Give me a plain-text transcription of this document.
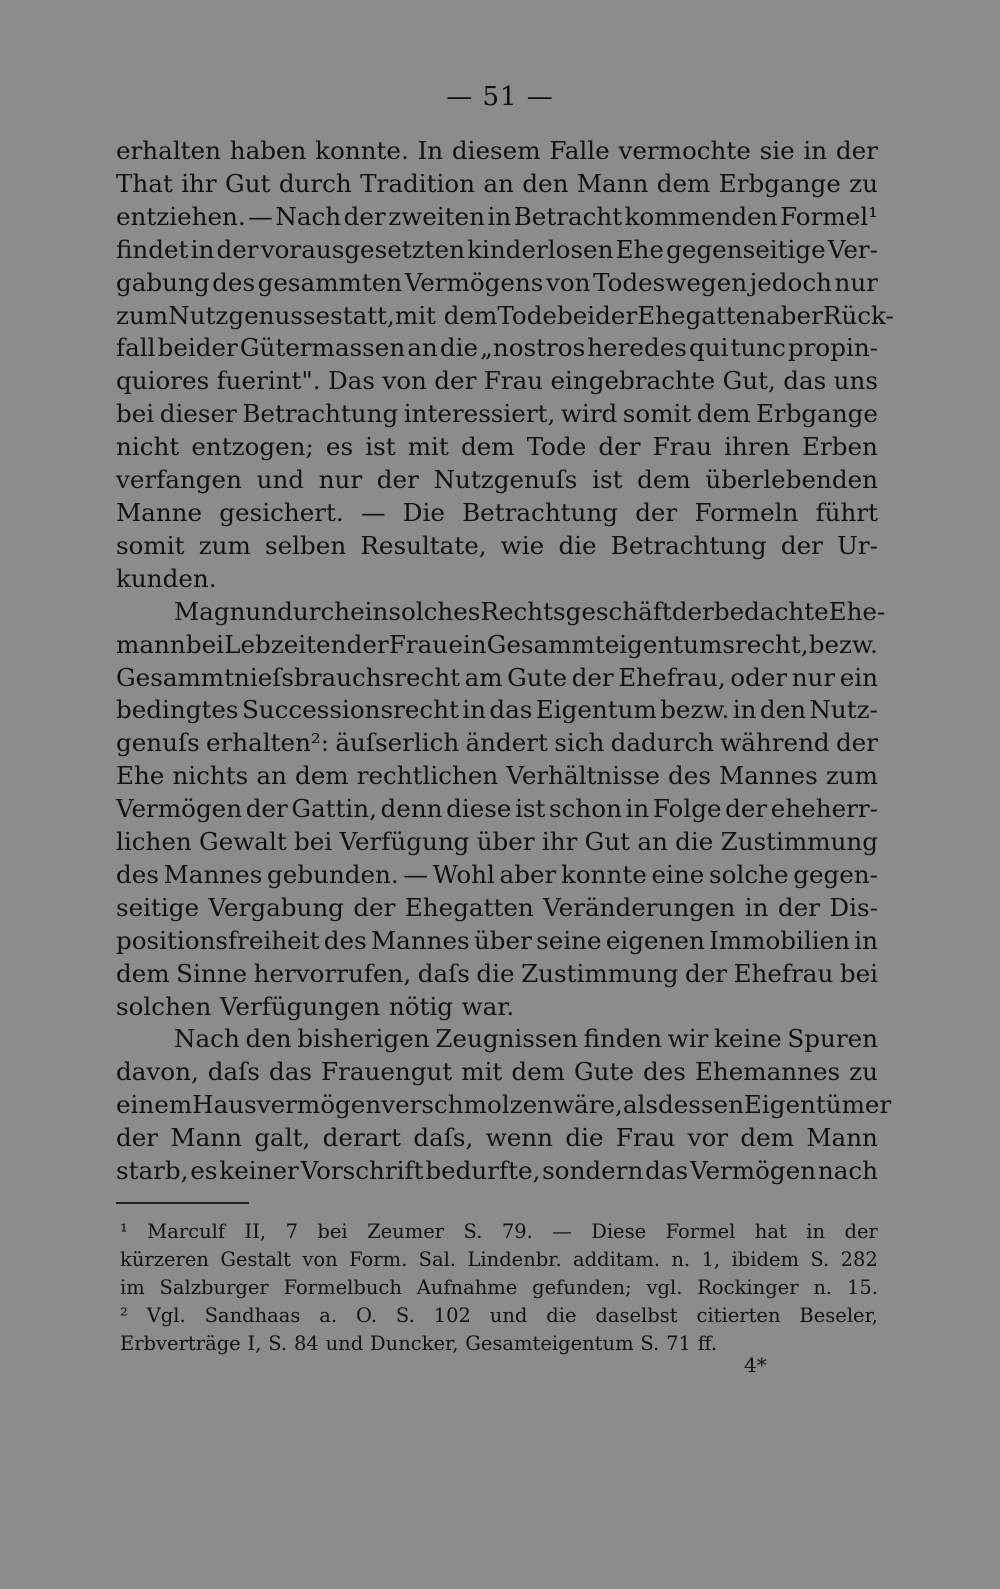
— 51 —
erhalten haben konnte. In diesem Falle vermochte sie in der
That ihr Gut durch Tradition an den Mann dem Erbgange zu
entziehen. — Nach der zweiten in Betracht kommenden Formel¹
findet in der vorausgesetzten kinderlosen Ehe gegenseitige Ver-
gabung des gesammten Vermögens von Todeswegen jedoch nur
zum Nutzgenusse statt, mit dem Tode beider Ehegatten aber Rück-
fall beider Gütermassen an die „nostros heredes qui tunc propin-
quiores fuerint". Das von der Frau eingebrachte Gut, das uns
bei dieser Betrachtung interessiert, wird somit dem Erbgange
nicht entzogen; es ist mit dem Tode der Frau ihren Erben
verfangen und nur der Nutzgenuſs ist dem überlebenden
Manne gesichert. — Die Betrachtung der Formeln führt
somit zum selben Resultate, wie die Betrachtung der Ur-
kunden.
Mag nun durch ein solches Rechtsgeschäft der bedachte Ehe-
mann bei Lebzeiten der Frau ein Gesammteigentumsrecht, bezw.
Gesammtnieſsbrauchsrecht am Gute der Ehefrau, oder nur ein
bedingtes Successionsrecht in das Eigentum bezw. in den Nutz-
genuſs erhalten²: äuſserlich ändert sich dadurch während der
Ehe nichts an dem rechtlichen Verhältnisse des Mannes zum
Vermögen der Gattin, denn diese ist schon in Folge der eheherr-
lichen Gewalt bei Verfügung über ihr Gut an die Zustimmung
des Mannes gebunden. — Wohl aber konnte eine solche gegen-
seitige Vergabung der Ehegatten Veränderungen in der Dis-
positionsfreiheit des Mannes über seine eigenen Immobilien in
dem Sinne hervorrufen, daſs die Zustimmung der Ehefrau bei
solchen Verfügungen nötig war.
Nach den bisherigen Zeugnissen finden wir keine Spuren
davon, daſs das Frauengut mit dem Gute des Ehemannes zu
einem Hausvermögen verschmolzen wäre, als dessen Eigentümer
der Mann galt, derart daſs, wenn die Frau vor dem Mann
starb, es keiner Vorschrift bedurfte, sondern das Vermögen nach
¹ Marculf II, 7 bei Zeumer S. 79. — Diese Formel hat in der
kürzeren Gestalt von Form. Sal. Lindenbr. additam. n. 1, ibidem S. 282
im Salzburger Formelbuch Aufnahme gefunden; vgl. Rockinger n. 15.
² Vgl. Sandhaas a. O. S. 102 und die daselbst citierten Beseler,
Erbverträge I, S. 84 und Duncker, Gesamteigentum S. 71 ff.
4*
